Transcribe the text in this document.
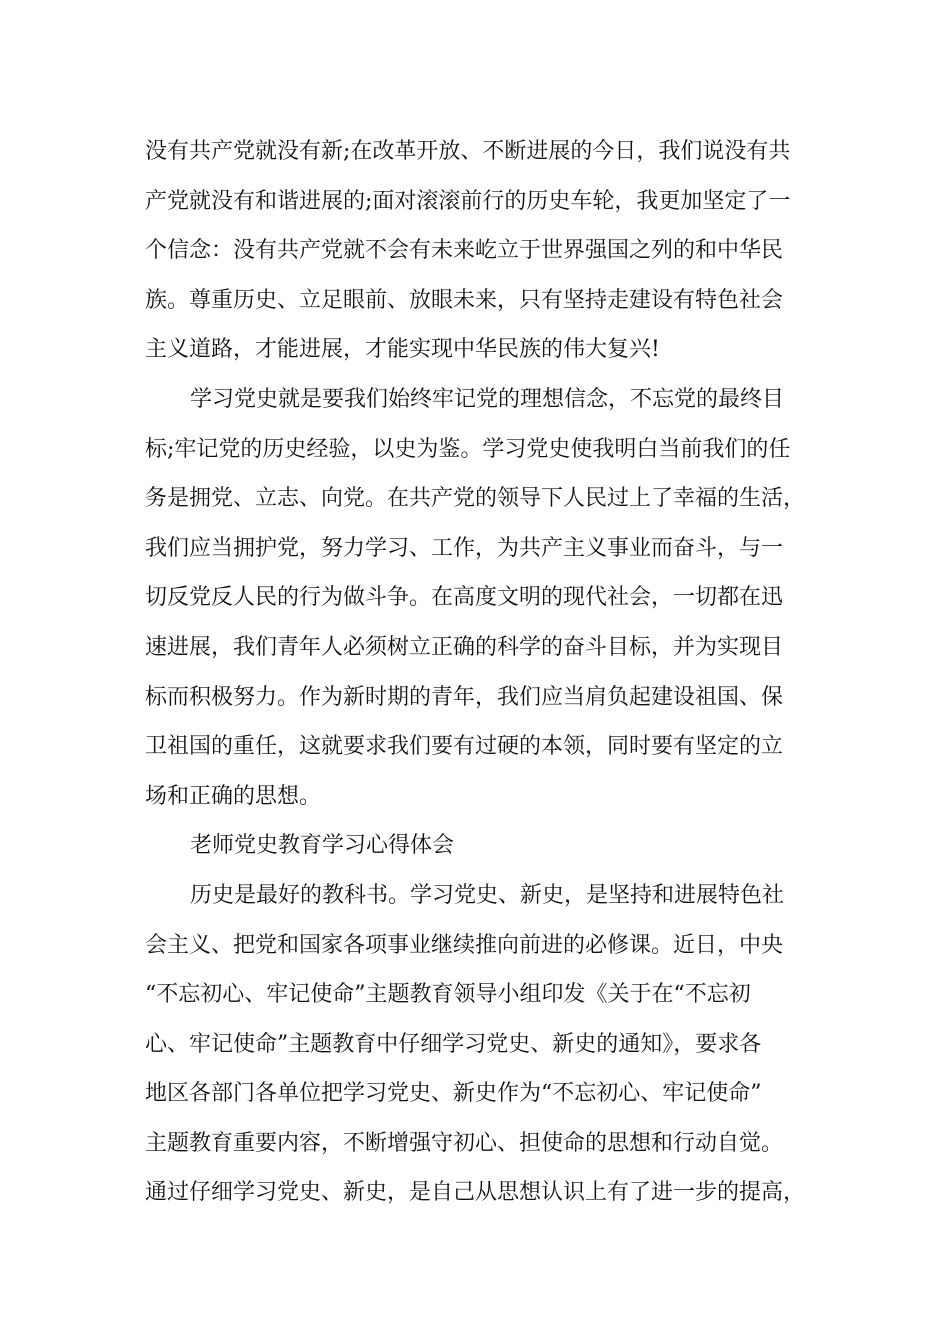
没有共产党就没有新;在改革开放、不断进展的今日，我们说没有共
产党就没有和谐进展的;面对滚滚前行的历史车轮，我更加坚定了一
个信念：没有共产党就不会有未来屹立于世界强国之列的和中华民
族。尊重历史、立足眼前、放眼未来，只有坚持走建设有特色社会
主义道路，才能进展，才能实现中华民族的伟大复兴!
学习党史就是要我们始终牢记党的理想信念，不忘党的最终目
标;牢记党的历史经验，以史为鉴。学习党史使我明白当前我们的任
务是拥党、立志、向党。在共产党的领导下人民过上了幸福的生活，
我们应当拥护党，努力学习、工作，为共产主义事业而奋斗，与一
切反党反人民的行为做斗争。在高度文明的现代社会，一切都在迅
速进展，我们青年人必须树立正确的科学的奋斗目标，并为实现目
标而积极努力。作为新时期的青年，我们应当肩负起建设祖国、保
卫祖国的重任，这就要求我们要有过硬的本领，同时要有坚定的立
场和正确的思想。
老师党史教育学习心得体会
历史是最好的教科书。学习党史、新史，是坚持和进展特色社
会主义、把党和国家各项事业继续推向前进的必修课。近日，中央
“不忘初心、牢记使命”主题教育领导小组印发《关于在“不忘初
心、牢记使命”主题教育中仔细学习党史、新史的通知》，要求各
地区各部门各单位把学习党史、新史作为“不忘初心、牢记使命”
主题教育重要内容，不断增强守初心、担使命的思想和行动自觉。
通过仔细学习党史、新史，是自己从思想认识上有了进一步的提高，
